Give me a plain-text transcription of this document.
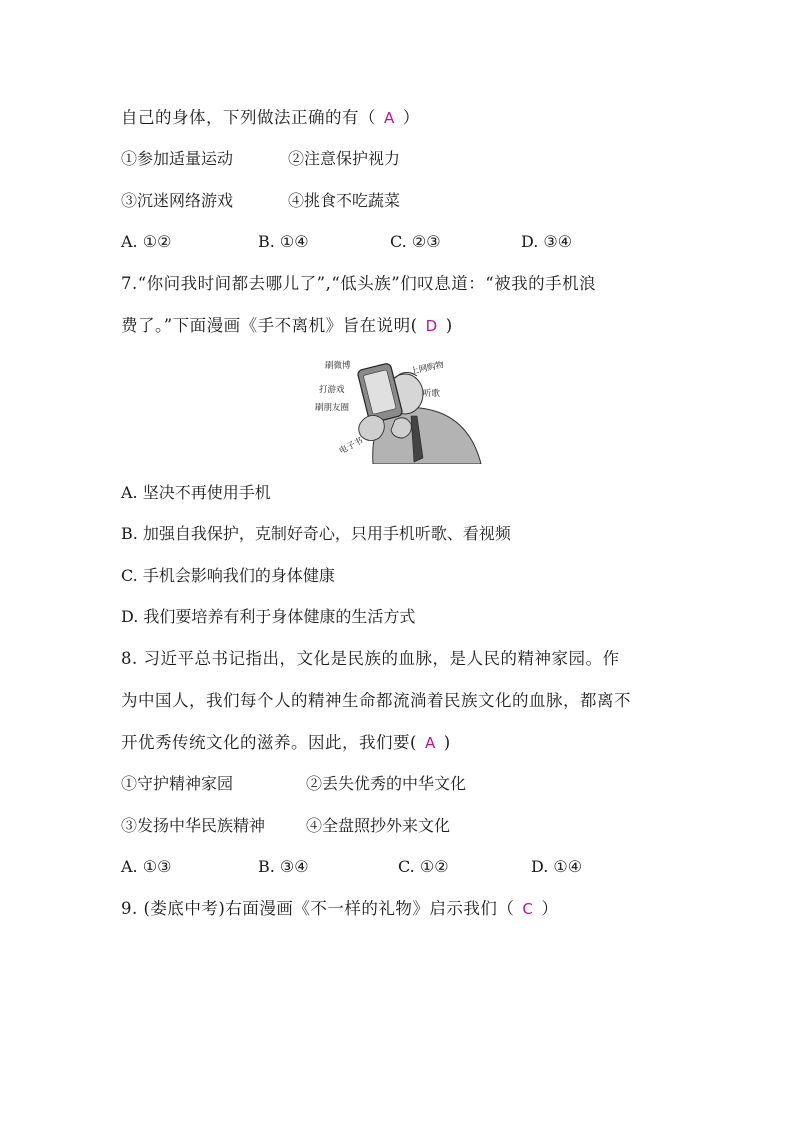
自己的身体，下列做法正确的有（ A ）
①参加适量运动	②注意保护视力
③沉迷网络游戏	④挑食不吃蔬菜
A. ①②	B. ①④	C. ②③	D. ③④
7.“你问我时间都去哪儿了”,“低头族”们叹息道：“被我的手机浪
费了。”下面漫画《手不离机》旨在说明( D )
刷微博	上网购物
打游戏	听歌
刷朋友圈
电子书
A. 坚决不再使用手机
B. 加强自我保护，克制好奇心，只用手机听歌、看视频
C. 手机会影响我们的身体健康
D. 我们要培养有利于身体健康的生活方式
8. 习近平总书记指出，文化是民族的血脉，是人民的精神家园。作
为中国人，我们每个人的精神生命都流淌着民族文化的血脉，都离不
开优秀传统文化的滋养。因此，我们要( A )
①守护精神家园	②丢失优秀的中华文化
③发扬中华民族精神	④全盘照抄外来文化
A. ①③	B. ③④	C. ①②	D. ①④
9. (娄底中考)右面漫画《不一样的礼物》启示我们（ C ）
